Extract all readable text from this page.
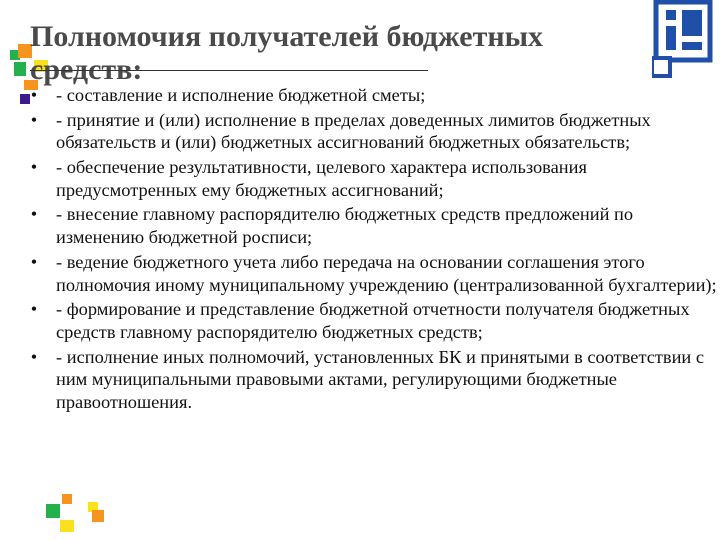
Полномочия получателей бюджетных средств:
• - составление и исполнение бюджетной сметы;
• - принятие и (или) исполнение в пределах доведенных лимитов бюджетных обязательств и (или) бюджетных ассигнований бюджетных обязательств;
• - обеспечение результативности, целевого характера использования предусмотренных ему бюджетных ассигнований;
• - внесение главному распорядителю бюджетных средств предложений по изменению бюджетной росписи;
• - ведение бюджетного учета либо передача на основании соглашения этого полномочия иному муниципальному учреждению (централизованной бухгалтерии);
• - формирование и представление бюджетной отчетности получателя бюджетных средств главному распорядителю бюджетных средств;
• - исполнение иных полномочий, установленных БК и принятыми в соответствии с ним муниципальными правовыми актами, регулирующими бюджетные правоотношения.
